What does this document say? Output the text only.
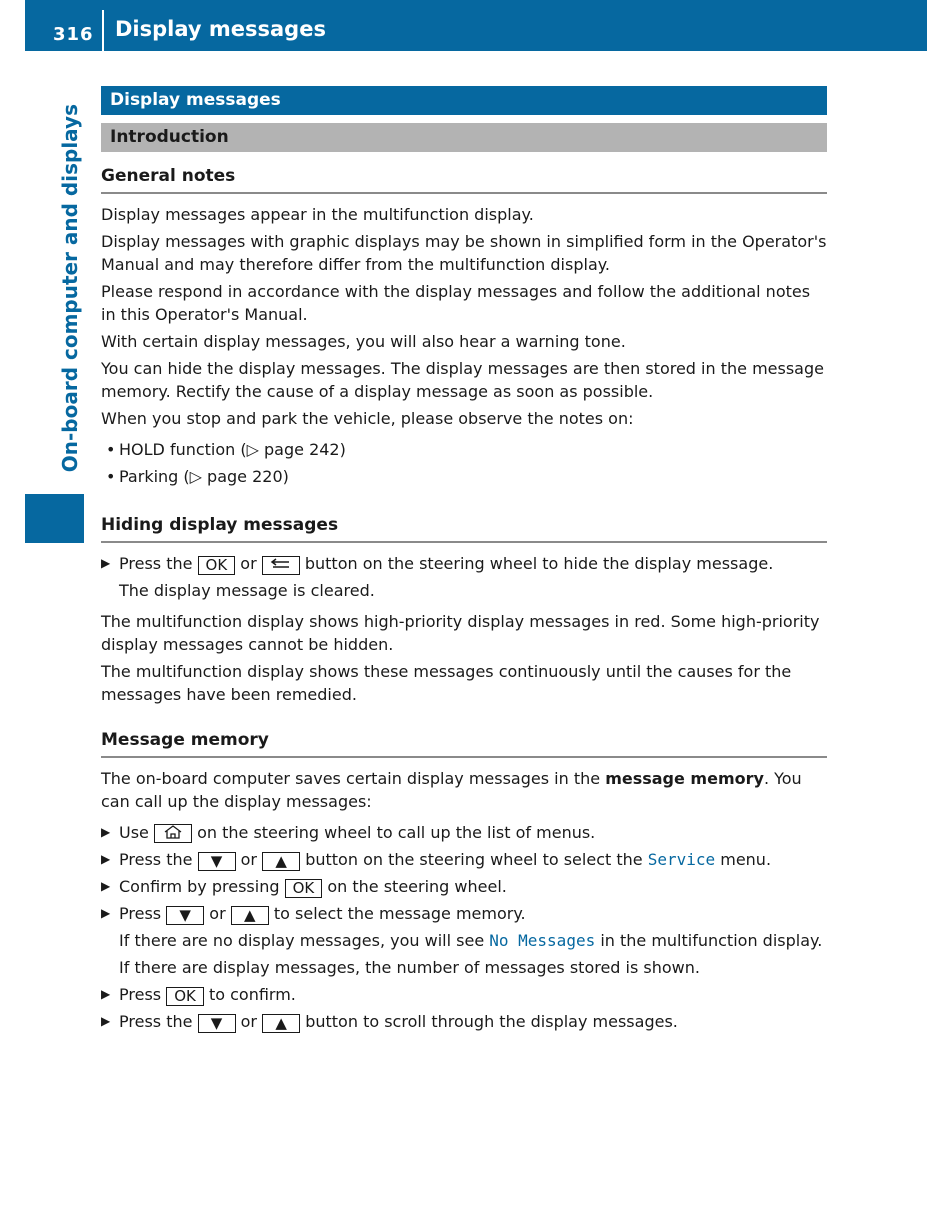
316 Display messages
On-board computer and displays
Display messages
Introduction
General notes

Display messages appear in the multifunction display.

Display messages with graphic displays may be shown in simplified form in the Operator's Manual and may therefore differ from the multifunction display.

Please respond in accordance with the display messages and follow the additional notes in this Operator's Manual.

With certain display messages, you will also hear a warning tone.

You can hide the display messages. The display messages are then stored in the message memory. Rectify the cause of a display message as soon as possible.

When you stop and park the vehicle, please observe the notes on:

• HOLD function (▷ page 242)
• Parking (▷ page 220)
Hiding display messages
▶ Press the OK or	button on the steering wheel to hide the display message.
The display message is cleared.

The multifunction display shows high-priority display messages in red. Some high-priority display messages cannot be hidden.

The multifunction display shows these messages continuously until the causes for the messages have been remedied.

Message memory

The on-board computer saves certain display messages in the message memory. You can call up the display messages:

▶ Use	on the steering wheel to call up the list of menus.
▶ Press the ▼ or ▲ button on the steering wheel to select the Service menu.
▶ Confirm by pressing OK on the steering wheel.
▶ Press ▼ or ▲ to select the message memory.
If there are no display messages, you will see No Messages in the multifunction display.
If there are display messages, the number of messages stored is shown.
▶ Press OK to confirm.
▶ Press the ▼ or ▲ button to scroll through the display messages.
